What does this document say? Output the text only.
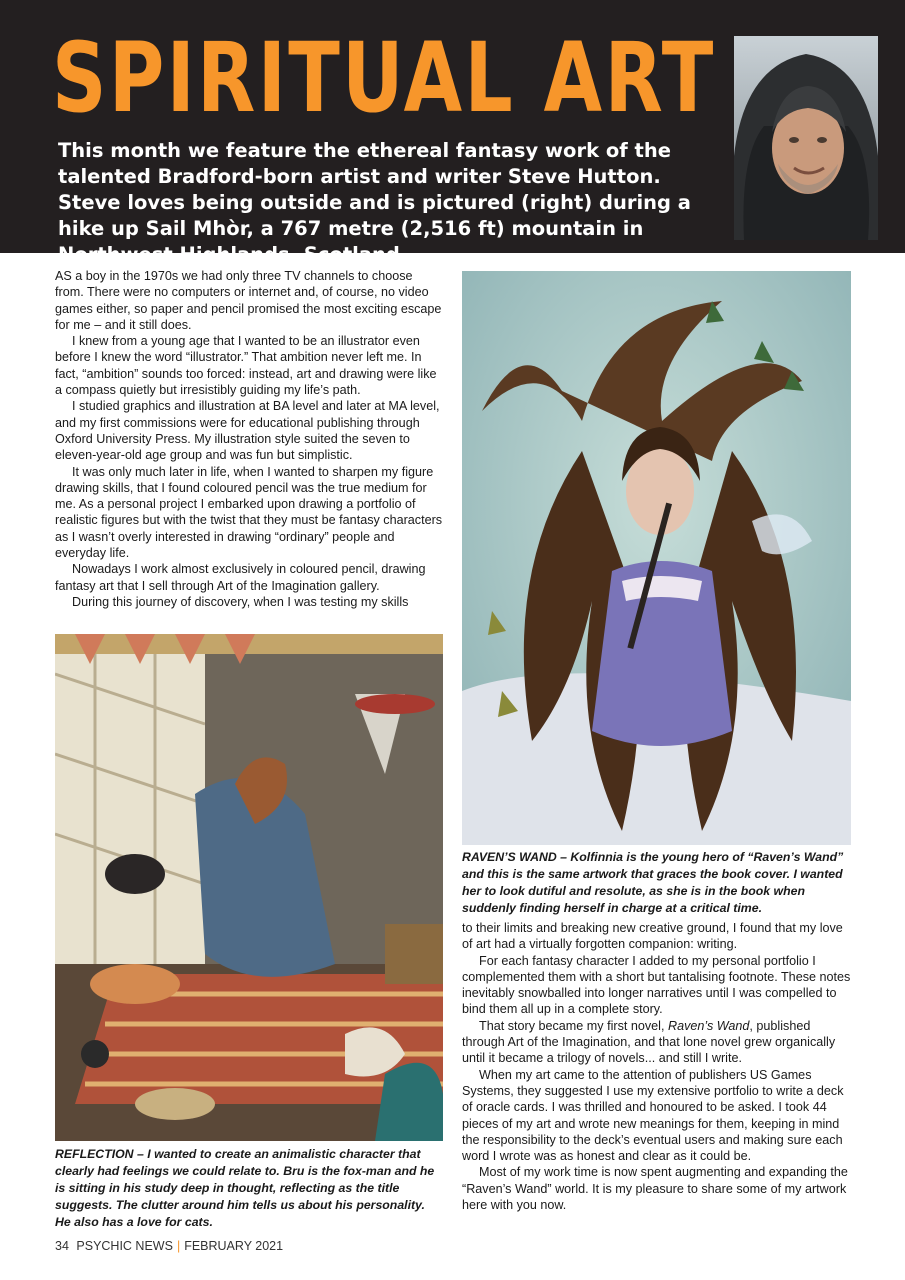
SPIRITUAL ART

This month we feature the ethereal fantasy work of the talented Bradford-born artist and writer Steve Hutton. Steve loves being outside and is pictured (right) during a hike up Sail Mhòr, a 767 metre (2,516 ft) mountain in Northwest Highlands, Scotland.

AS a boy in the 1970s we had only three TV channels to choose from. There were no computers or internet and, of course, no video games either, so paper and pencil promised the most exciting escape for me – and it still does.

I knew from a young age that I wanted to be an illustrator even before I knew the word “illustrator.” That ambition never left me. In fact, “ambition” sounds too forced: instead, art and drawing were like a compass quietly but irresistibly guiding my life’s path.

I studied graphics and illustration at BA level and later at MA level, and my first commissions were for educational publishing through Oxford University Press. My illustration style suited the seven to eleven-year-old age group and was fun but simplistic.

It was only much later in life, when I wanted to sharpen my figure drawing skills, that I found coloured pencil was the true medium for me. As a personal project I embarked upon drawing a portfolio of realistic figures but with the twist that they must be fantasy characters as I wasn’t overly interested in drawing “ordinary” people and everyday life.

Nowadays I work almost exclusively in coloured pencil, drawing fantasy art that I sell through Art of the Imagination gallery.

During this journey of discovery, when I was testing my skills

REFLECTION – I wanted to create an animalistic character that clearly had feelings we could relate to. Bru is the fox-man and he is sitting in his study deep in thought, reflecting as the title suggests. The clutter around him tells us about his personality. He also has a love for cats.

RAVEN’S WAND – Kolfinnia is the young hero of “Raven’s Wand” and this is the same artwork that graces the book cover. I wanted her to look dutiful and resolute, as she is in the book when suddenly finding herself in charge at a critical time.

to their limits and breaking new creative ground, I found that my love of art had a virtually forgotten companion: writing.

For each fantasy character I added to my personal portfolio I complemented them with a short but tantalising footnote. These notes inevitably snowballed into longer narratives until I was compelled to bind them all up in a complete story.

That story became my first novel, Raven’s Wand, published through Art of the Imagination, and that lone novel grew organically until it became a trilogy of novels... and still I write.

When my art came to the attention of publishers US Games Systems, they suggested I use my extensive portfolio to write a deck of oracle cards. I was thrilled and honoured to be asked. I took 44 pieces of my art and wrote new meanings for them, keeping in mind the responsibility to the deck’s eventual users and making sure each word I wrote was as honest and clear as it could be.

Most of my work time is now spent augmenting and expanding the “Raven’s Wand” world. It is my pleasure to share some of my artwork here with you now.

34 PSYCHIC NEWS | FEBRUARY 2021
